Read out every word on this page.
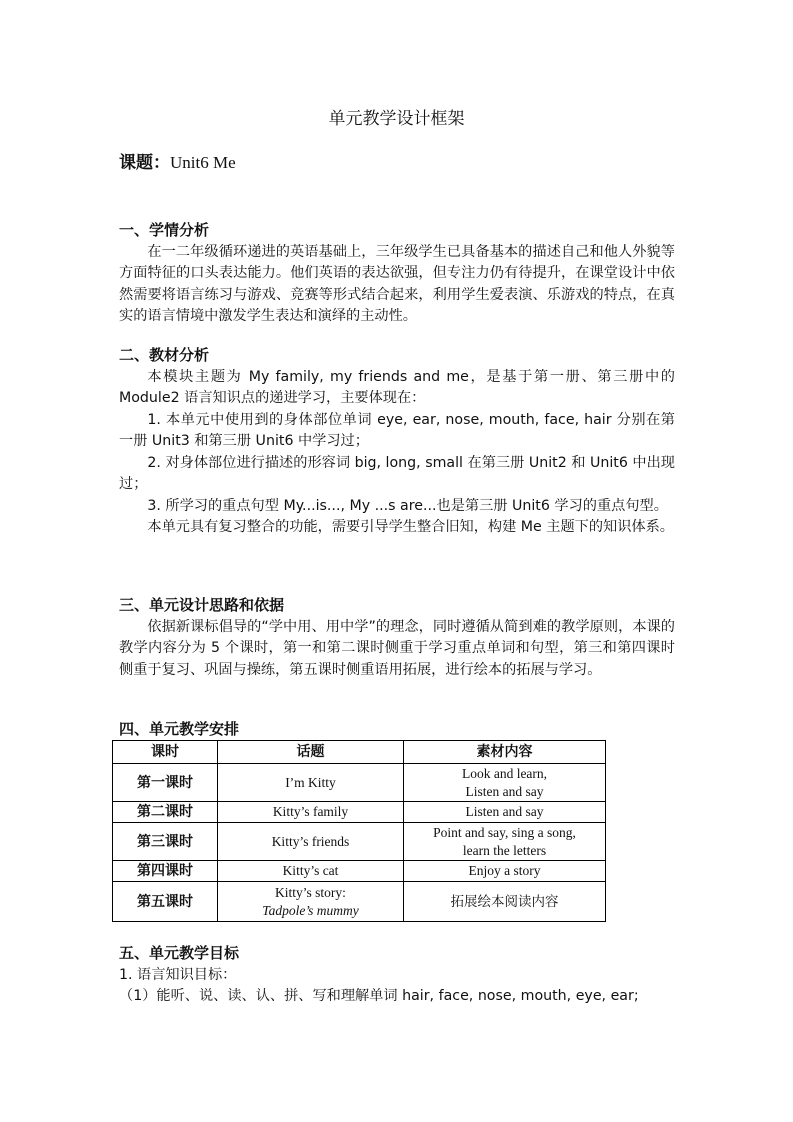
单元教学设计框架
课题：Unit6 Me
一、学情分析
在一二年级循环递进的英语基础上，三年级学生已具备基本的描述自己和他人外貌等方面特征的口头表达能力。他们英语的表达欲强，但专注力仍有待提升，在课堂设计中依然需要将语言练习与游戏、竞赛等形式结合起来，利用学生爱表演、乐游戏的特点，在真实的语言情境中激发学生表达和演绎的主动性。
二、教材分析
本模块主题为 My family, my friends and me，是基于第一册、第三册中的Module2 语言知识点的递进学习，主要体现在：
1. 本单元中使用到的身体部位单词 eye, ear, nose, mouth, face, hair 分别在第一册 Unit3 和第三册 Unit6 中学习过；
2. 对身体部位进行描述的形容词 big, long, small 在第三册 Unit2 和 Unit6 中出现过；
3. 所学习的重点句型 My...is..., My ...s are...也是第三册 Unit6 学习的重点句型。
本单元具有复习整合的功能，需要引导学生整合旧知，构建 Me 主题下的知识体系。
三、单元设计思路和依据
依据新课标倡导的“学中用、用中学”的理念，同时遵循从简到难的教学原则，本课的教学内容分为 5 个课时，第一和第二课时侧重于学习重点单词和句型，第三和第四课时侧重于复习、巩固与操练，第五课时侧重语用拓展，进行绘本的拓展与学习。
四、单元教学安排
课时	话题	素材内容
第一课时	I’m Kitty	Look and learn,
Listen and say

第二课时	Kitty’s family	Listen and say
第三课时	Kitty’s friends	Point and say, sing a song,
learn the letters

第四课时	Kitty’s cat	Enjoy a story
第五课时	Kitty’s story:
Tadpole’s mummy	拓展绘本阅读内容
五、单元教学目标
1. 语言知识目标：
（1）能听、说、读、认、拼、写和理解单词 hair, face, nose, mouth, eye, ear;
